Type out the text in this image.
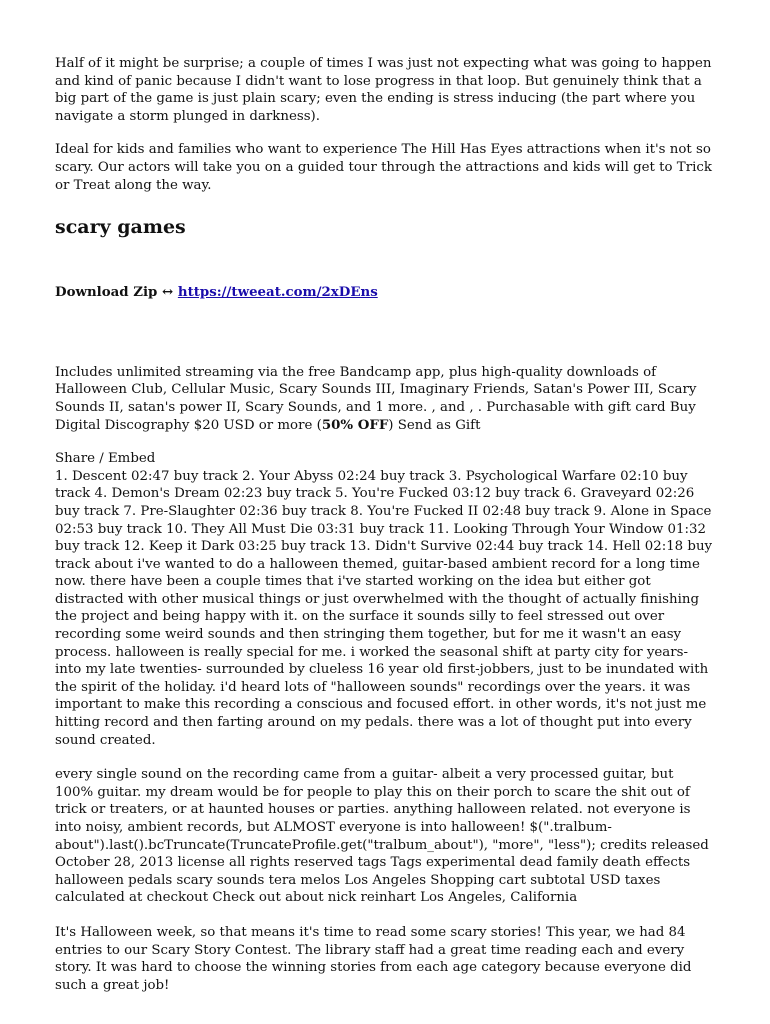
Half of it might be surprise; a couple of times I was just not expecting what was going to happen and kind of panic because I didn't want to lose progress in that loop. But genuinely think that a big part of the game is just plain scary; even the ending is stress inducing (the part where you navigate a storm plunged in darkness).

Ideal for kids and families who want to experience The Hill Has Eyes attractions when it's not so scary. Our actors will take you on a guided tour through the attractions and kids will get to Trick or Treat along the way.

scary games

Download Zip ↔ https://tweeat.com/2xDEns

Includes unlimited streaming via the free Bandcamp app, plus high-quality downloads of Halloween Club, Cellular Music, Scary Sounds III, Imaginary Friends, Satan's Power III, Scary Sounds II, satan's power II, Scary Sounds, and 1 more. , and , . Purchasable with gift card Buy Digital Discography $20 USD or more (50% OFF) Send as Gift

Share / Embed
1. Descent 02:47 buy track 2. Your Abyss 02:24 buy track 3. Psychological Warfare 02:10 buy track 4. Demon's Dream 02:23 buy track 5. You're Fucked 03:12 buy track 6. Graveyard 02:26 buy track 7. Pre-Slaughter 02:36 buy track 8. You're Fucked II 02:48 buy track 9. Alone in Space 02:53 buy track 10. They All Must Die 03:31 buy track 11. Looking Through Your Window 01:32 buy track 12. Keep it Dark 03:25 buy track 13. Didn't Survive 02:44 buy track 14. Hell 02:18 buy track about i've wanted to do a halloween themed, guitar-based ambient record for a long time now. there have been a couple times that i've started working on the idea but either got distracted with other musical things or just overwhelmed with the thought of actually finishing the project and being happy with it. on the surface it sounds silly to feel stressed out over recording some weird sounds and then stringing them together, but for me it wasn't an easy process. halloween is really special for me. i worked the seasonal shift at party city for years- into my late twenties- surrounded by clueless 16 year old first-jobbers, just to be inundated with the spirit of the holiday. i'd heard lots of "halloween sounds" recordings over the years. it was important to make this recording a conscious and focused effort. in other words, it's not just me hitting record and then farting around on my pedals. there was a lot of thought put into every sound created.

every single sound on the recording came from a guitar- albeit a very processed guitar, but 100% guitar. my dream would be for people to play this on their porch to scare the shit out of trick or treaters, or at haunted houses or parties. anything halloween related. not everyone is into noisy, ambient records, but ALMOST everyone is into halloween! $(".tralbum-about").last().bcTruncate(TruncateProfile.get("tralbum_about"), "more", "less"); credits released October 28, 2013 license all rights reserved tags Tags experimental dead family death effects halloween pedals scary sounds tera melos Los Angeles Shopping cart subtotal USD taxes calculated at checkout Check out about nick reinhart Los Angeles, California

It's Halloween week, so that means it's time to read some scary stories! This year, we had 84 entries to our Scary Story Contest. The library staff had a great time reading each and every story. It was hard to choose the winning stories from each age category because everyone did such a great job!
